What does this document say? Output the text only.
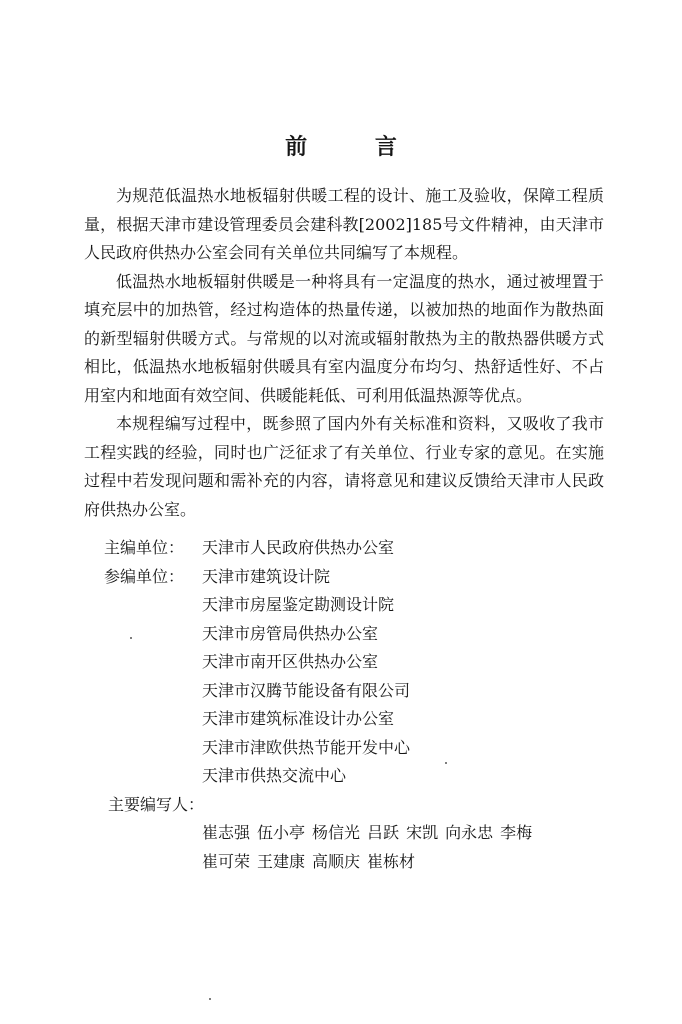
前 言

为规范低温热水地板辐射供暖工程的设计、施工及验收，保障工程质量，根据天津市建设管理委员会建科教[2002]185号文件精神，由天津市人民政府供热办公室会同有关单位共同编写了本规程。

低温热水地板辐射供暖是一种将具有一定温度的热水，通过被埋置于填充层中的加热管，经过构造体的热量传递，以被加热的地面作为散热面的新型辐射供暖方式。与常规的以对流或辐射散热为主的散热器供暖方式相比，低温热水地板辐射供暖具有室内温度分布均匀、热舒适性好、不占用室内和地面有效空间、供暖能耗低、可利用低温热源等优点。

本规程编写过程中，既参照了国内外有关标准和资料，又吸收了我市工程实践的经验，同时也广泛征求了有关单位、行业专家的意见。在实施过程中若发现问题和需补充的内容，请将意见和建议反馈给天津市人民政府供热办公室。

主编单位：	天津市人民政府供热办公室
参编单位：	天津市建筑设计院
天津市房屋鉴定勘测设计院
天津市房管局供热办公室
天津市南开区供热办公室
天津市汉腾节能设备有限公司
天津市建筑标准设计办公室
天津市津欧供热节能开发中心
天津市供热交流中心
主要编写人：
崔志强 伍小亭 杨信光 吕跃 宋凯 向永忠 李梅
崔可荣 王建康 高顺庆 崔栋材
